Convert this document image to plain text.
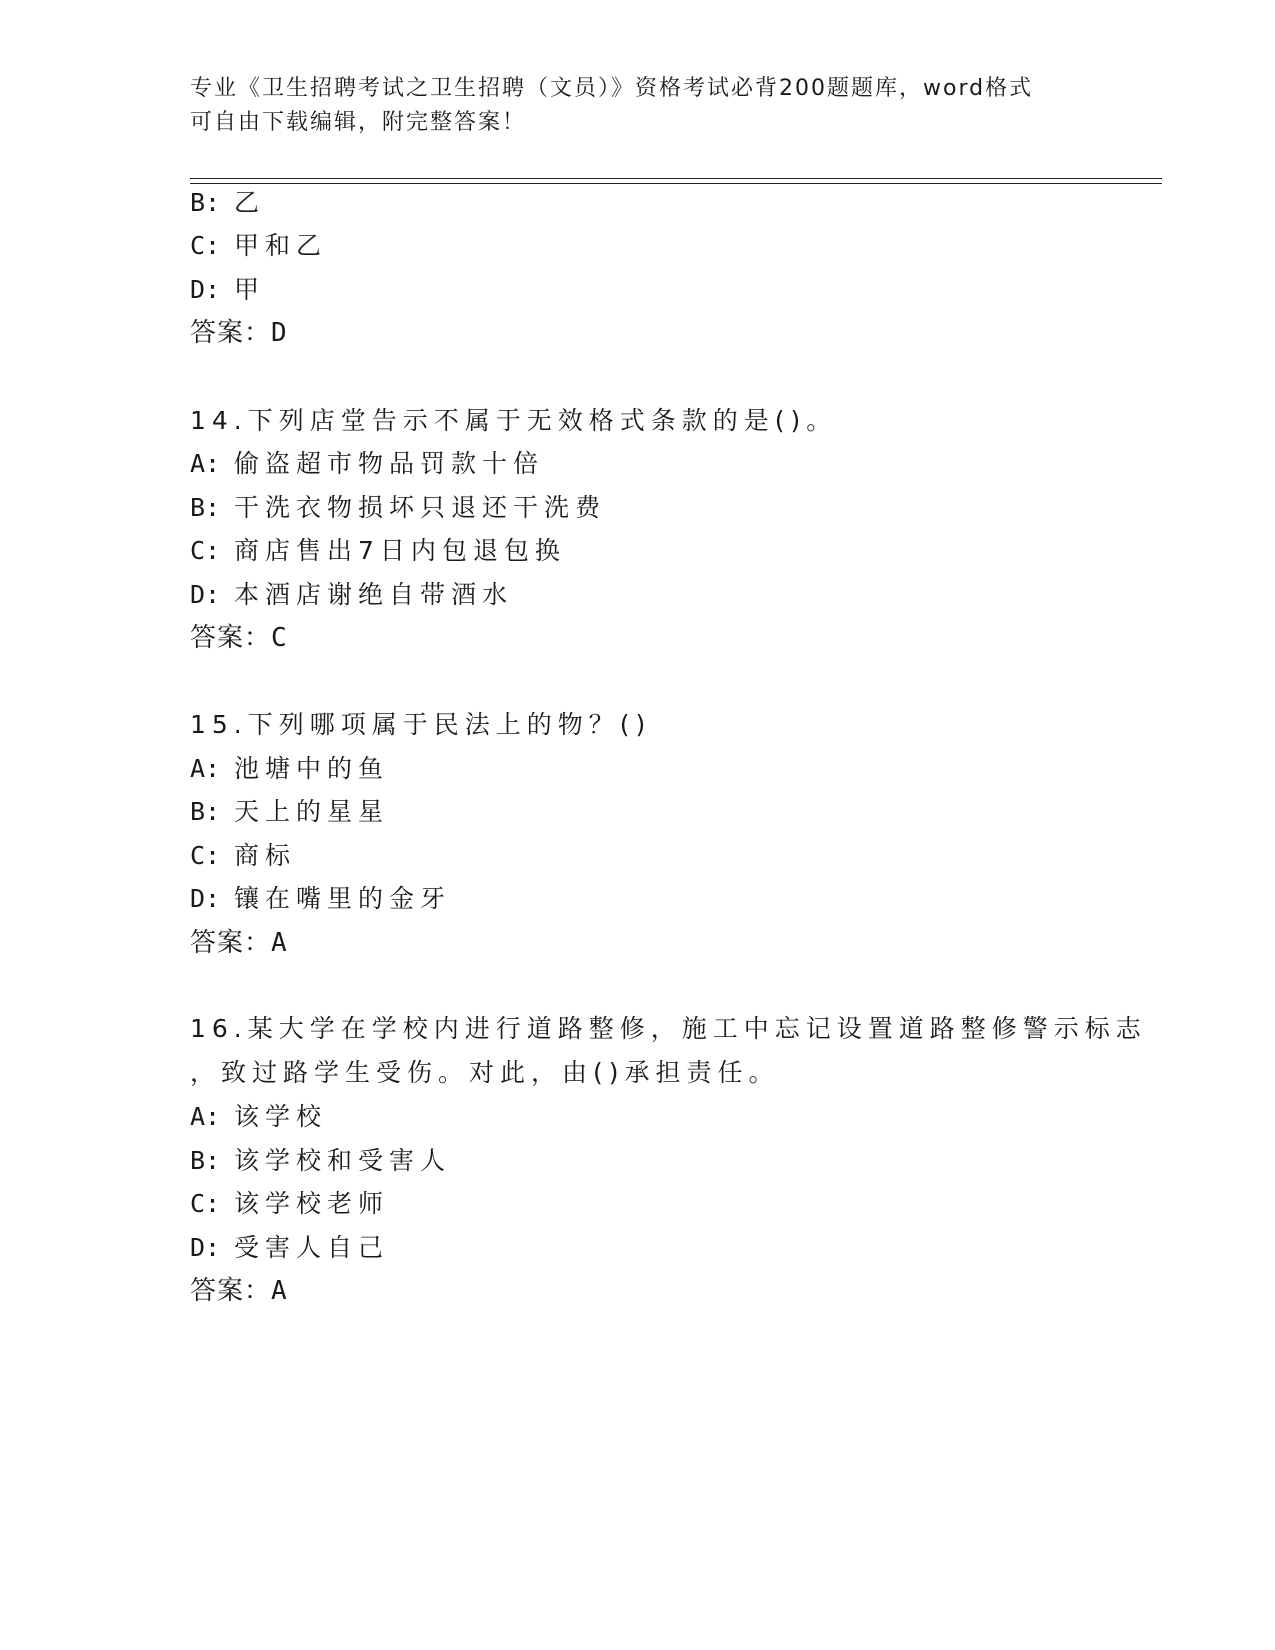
专业《卫生招聘考试之卫生招聘（文员）》资格考试必背200题题库，word格式
可自由下载编辑，附完整答案！
B: 乙
C: 甲和乙
D: 甲
答案：D
14.下列店堂告示不属于无效格式条款的是()。
A: 偷盗超市物品罚款十倍
B: 干洗衣物损坏只退还干洗费
C: 商店售出7日内包退包换
D: 本酒店谢绝自带酒水
答案：C
15.下列哪项属于民法上的物？()
A: 池塘中的鱼
B: 天上的星星
C: 商标
D: 镶在嘴里的金牙
答案：A
16.某大学在学校内进行道路整修，施工中忘记设置道路整修警示标志
，致过路学生受伤。对此，由()承担责任。
A: 该学校
B: 该学校和受害人
C: 该学校老师
D: 受害人自己
答案：A
